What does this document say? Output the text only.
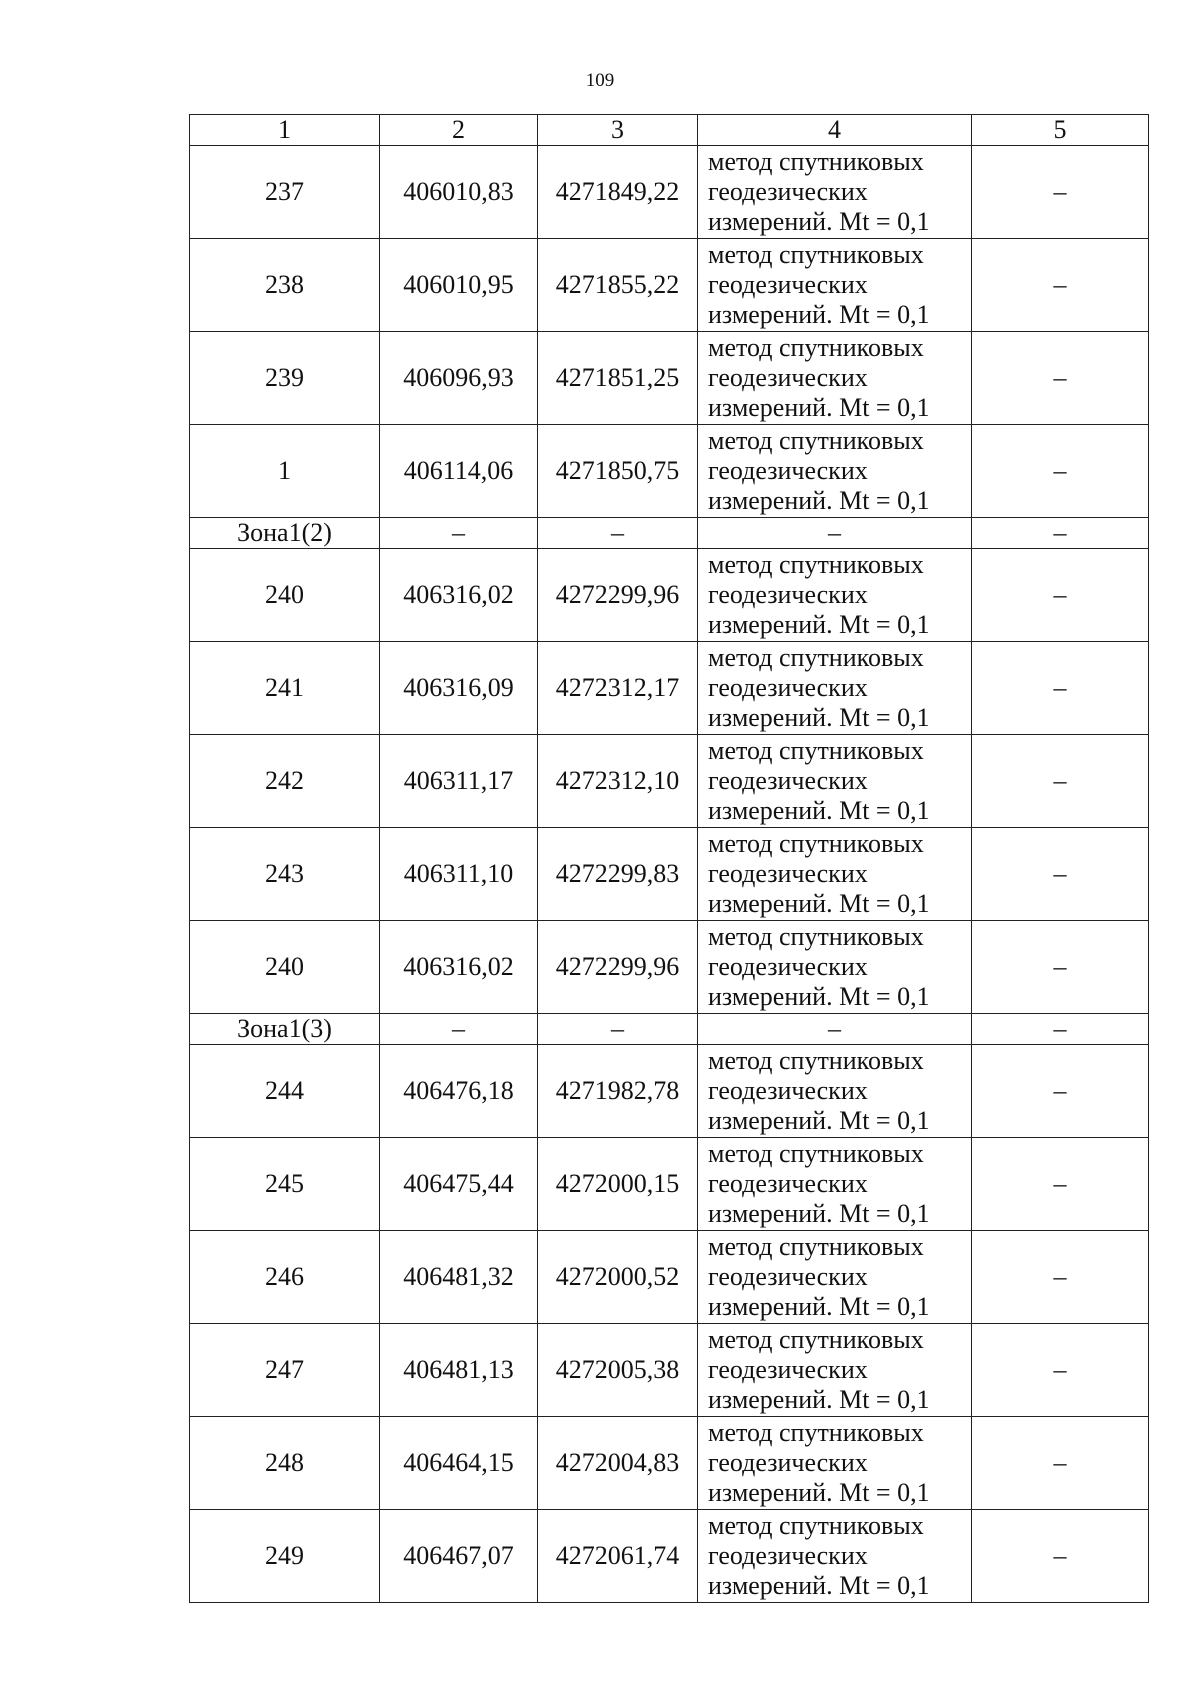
109
1	2	3	4	5
237	406010,83	4271849,22	метод спутниковых
геодезических
измерений. Mt = 0,1	–
238	406010,95	4271855,22	метод спутниковых
геодезических
измерений. Mt = 0,1	–
239	406096,93	4271851,25	метод спутниковых
геодезических
измерений. Mt = 0,1	–
1	406114,06	4271850,75	метод спутниковых
геодезических
измерений. Mt = 0,1	–
Зона1(2)	–	–	–	–
240	406316,02	4272299,96	метод спутниковых
геодезических
измерений. Mt = 0,1	–
241	406316,09	4272312,17	метод спутниковых
геодезических
измерений. Mt = 0,1	–
242	406311,17	4272312,10	метод спутниковых
геодезических
измерений. Mt = 0,1	–
243	406311,10	4272299,83	метод спутниковых
геодезических
измерений. Mt = 0,1	–
240	406316,02	4272299,96	метод спутниковых
геодезических
измерений. Mt = 0,1	–
Зона1(3)	–	–	–	–
244	406476,18	4271982,78	метод спутниковых
геодезических
измерений. Mt = 0,1	–
245	406475,44	4272000,15	метод спутниковых
геодезических
измерений. Mt = 0,1	–
246	406481,32	4272000,52	метод спутниковых
геодезических
измерений. Mt = 0,1	–
247	406481,13	4272005,38	метод спутниковых
геодезических
измерений. Mt = 0,1	–
248	406464,15	4272004,83	метод спутниковых
геодезических
измерений. Mt = 0,1	–
249	406467,07	4272061,74	метод спутниковых
геодезических
измерений. Mt = 0,1	–
